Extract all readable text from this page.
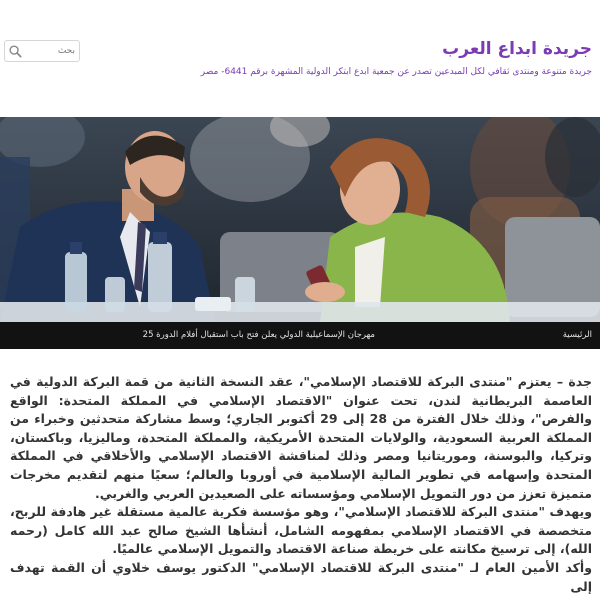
جريدة ابداع العرب

جريدة متنوعة ومنتدى ثقافي لكل المبدعين تصدر عن جمعية ابدع ابتكر الدولية المشهرة برقم 6441- مصر

بحث
الرئيسية
مهرجان الإسماعيلية الدولي يعلن فتح باب استقبال أفلام الدورة 25

جدة – يعتزم "منتدى البركة للاقتصاد الإسلامي"، عقد النسخة الثانية من قمة البركة الدولية في العاصمة البريطانية لندن، تحت عنوان "الاقتصاد الإسلامي في المملكة المتحدة: الواقع والفرص"، وذلك خلال الفترة من 28 إلى 29 أكتوبر الجاري؛ وسط مشاركة متحدثين وخبراء من المملكة العربية السعودية، والولايات المتحدة الأمريكية، والمملكة المتحدة، وماليزيا، وباكستان، وتركيا، والبوسنة، وموريتانيا ومصر وذلك لمناقشة الاقتصاد الإسلامي والأخلاقي في المملكة المتحدة وإسهامه في تطوير المالية الإسلامية في أوروبا والعالم؛ سعيًا منهم لتقديم مخرجات متميزة تعزز من دور التمويل الإسلامي ومؤسساته على الصعيدين العربي والغربي.

ويهدف "منتدى البركة للاقتصاد الإسلامي"، وهو مؤسسة فكرية عالمية مستقلة غير هادفة للربح، متخصصة في الاقتصاد الإسلامي بمفهومه الشامل، أنشأها الشيخ صالح عبد الله كامل (رحمه الله)، إلى ترسيخ مكانته على خريطة صناعة الاقتصاد والتمويل الإسلامي عالميًا.

وأكد الأمين العام لـ "منتدى البركة للاقتصاد الإسلامي" الدكتور يوسف خلاوي أن القمة تهدف إلى
